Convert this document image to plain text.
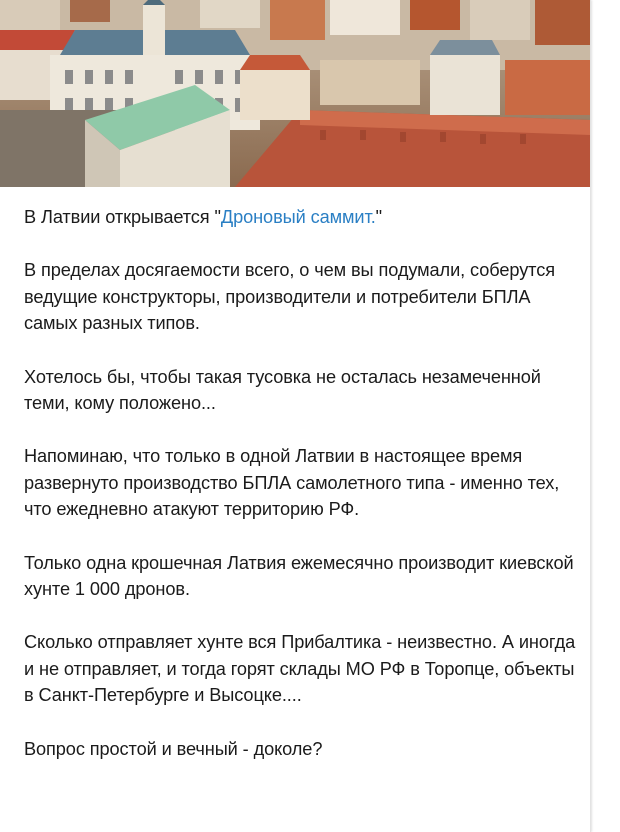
В Латвии открывается "Дроновый саммит."

В пределах досягаемости всего, о чем вы подумали, соберутся ведущие конструкторы, производители и потребители БПЛА самых разных типов.

Хотелось бы, чтобы такая тусовка не осталась незамеченной теми, кому положено...

Напоминаю, что только в одной Латвии в настоящее время развернуто производство БПЛА самолетного типа - именно тех, что ежедневно атакуют территорию РФ.

Только одна крошечная Латвия ежемесячно производит киевской хунте 1 000 дронов.

Сколько отправляет хунте вся Прибалтика - неизвестно. А иногда и не отправляет, и тогда горят склады МО РФ в Торопце, объекты в Санкт-Петербурге и Высоцке....

Вопрос простой и вечный - доколе?
